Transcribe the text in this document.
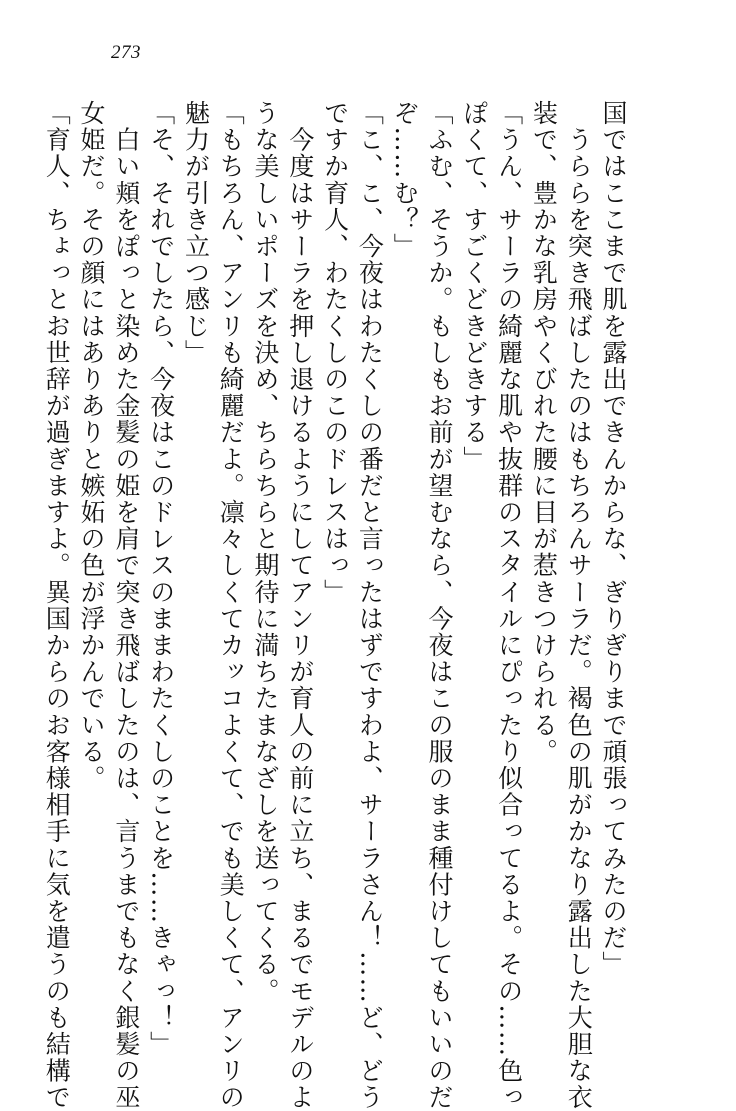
273
国ではここまで肌を露出できんからな、ぎりぎりまで頑張ってみたのだ」
　うららを突き飛ばしたのはもちろんサーラだ。褐色の肌がかなり露出した大胆な衣
装で、豊かな乳房やくびれた腰に目が惹きつけられる。
「うん、サーラの綺麗な肌や抜群のスタイルにぴったり似合ってるよ。その……色っ
ぽくて、すごくどきどきする」
「ふむ、そうか。もしもお前が望むなら、今夜はこの服のまま種付けしてもいいのだ
ぞ……む？」
「こ、こ、今夜はわたくしの番だと言ったはずですわよ、サーラさん！……ど、どう
ですか育人、わたくしのこのドレスはっ」
　今度はサーラを押し退けるようにしてアンリが育人の前に立ち、まるでモデルのよ
うな美しいポーズを決め、ちらちらと期待に満ちたまなざしを送ってくる。
「もちろん、アンリも綺麗だよ。凛々しくてカッコよくて、でも美しくて、アンリの
魅力が引き立つ感じ」
「そ、それでしたら、今夜はこのドレスのままわたくしのことを……きゃっ！」
　白い頬をぽっと染めた金髪の姫を肩で突き飛ばしたのは、言うまでもなく銀髪の巫
女姫だ。その顔にはありありと嫉妬の色が浮かんでいる。
「育人、ちょっとお世辞が過ぎますよ。異国からのお客様相手に気を遣うのも結構で
